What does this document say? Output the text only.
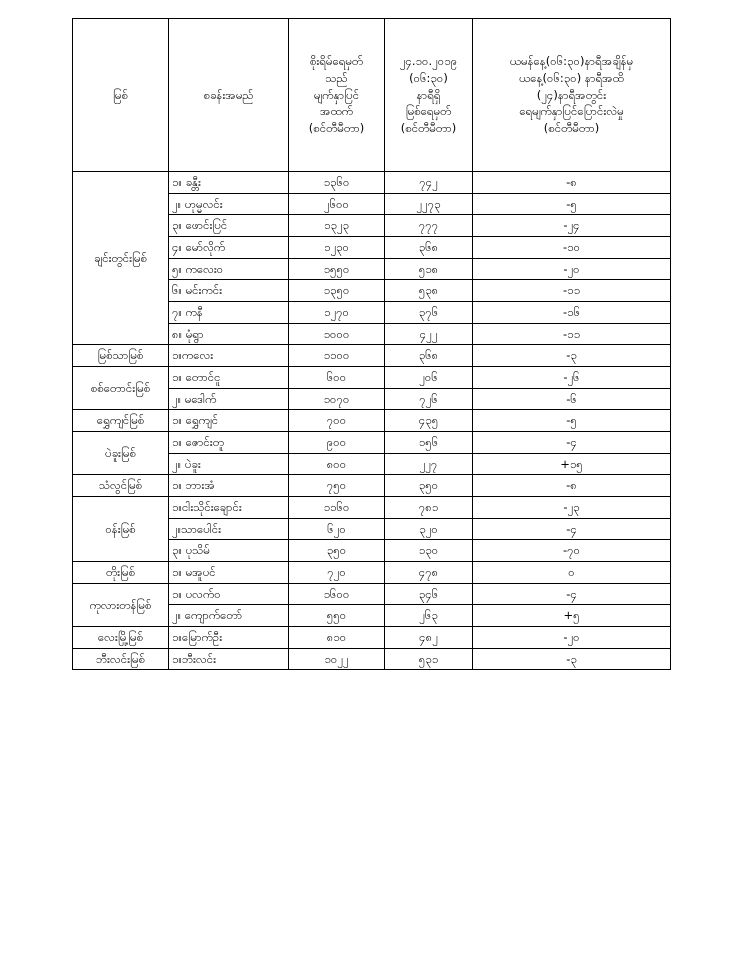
မြစ်	စခန်းအမည်	စိုးရိမ်ရေမှတ်
သည်
မျက်နှာပြင်
အထက်
(စင်တီမီတာ)	၂၄.၁၀.၂၀၁၉
(၀၆:၃၀)
နာရီရှိ
မြစ်ရေမှတ်
(စင်တီမီတာ)	ယမန်နေ့(၀၆:၃၀)နာရီအချိန်မှ
ယနေ့(၀၆:၃၀) နာရီအထိ
(၂၄)နာရီအတွင်း
ရေမျက်နှာပြင်ပြောင်းလဲမှု
(စင်တီမီတာ)

ချင်းတွင်းမြစ်	၁။ ခန္တီး	၁၃၆၀	၇၄၂	-၈
	၂။ ဟုမ္မလင်း	၂၆၀၀	၂၂၇၃	-၅
	၃။ ဖောင်းပြင်	၁၃၂၃	၇၇၇	-၂၄
	၄။ မော်လိုက်	၁၂၃၀	၃၆၈	-၁၀
	၅။ ကလေးဝ	၁၅၅၀	၅၁၈	-၂၀
	၆။ မင်းကင်း	၁၃၅၀	၅၃၈	-၁၁
	၇။ ကနီ	၁၂၇၀	၃၇၆	-၁၆
	၈။ မုံရွာ	၁၀၀၀	၄၂၂	-၁၁
မြစ်သာမြစ်	၁။ကလေး	၁၁၀၀	၃၆၈	-၃
စစ်တောင်းမြစ်	၁။ တောင်ငူ	၆၀၀	၂၀၆	-၂၆
	၂။ မဒေါက်	၁၀၇၀	၇၂၆	-၆
ရွှေကျင်မြစ်	၁။ ရွှေကျင်	၇၀၀	၄၃၅	-၅
ပဲခူးမြစ်	၁။ ဇောင်းတူ	၉၀၀	၁၅၆	-၄
	၂။ ပဲခူး	၈၀၀	၂၂၇	+၁၅
သံလွင်မြစ်	၁။ ဘားအံ	၇၅၀	၃၅၀	-၈
ဝန်းမြစ်	၁။ငါးသိုင်းချောင်း	၁၁၆၀	၇၈၁	-၂၃
	၂။သာပေါင်း	၆၂၀	၃၂၀	-၄
	၃။ ပုသိမ်	၃၅၀	၁၃၀	-၇၀
တိုးမြစ်	၁။ မအူပင်	၇၂၀	၄၇၈	၀
ကုလားတန်မြစ်	၁။ ပလက်ဝ	၁၆၀၀	၃၄၆	-၄
	၂။ ကျောက်တော်	၅၅၀	၂၆၃	+၅
လေးမြို့မြစ်	၁။မြောက်ဦး	၈၁၀	၄၈၂	-၂၀
ဘီးလင်းမြစ်	၁။ဘီးလင်း	၁၀၂၂	၅၃၁	-၃
